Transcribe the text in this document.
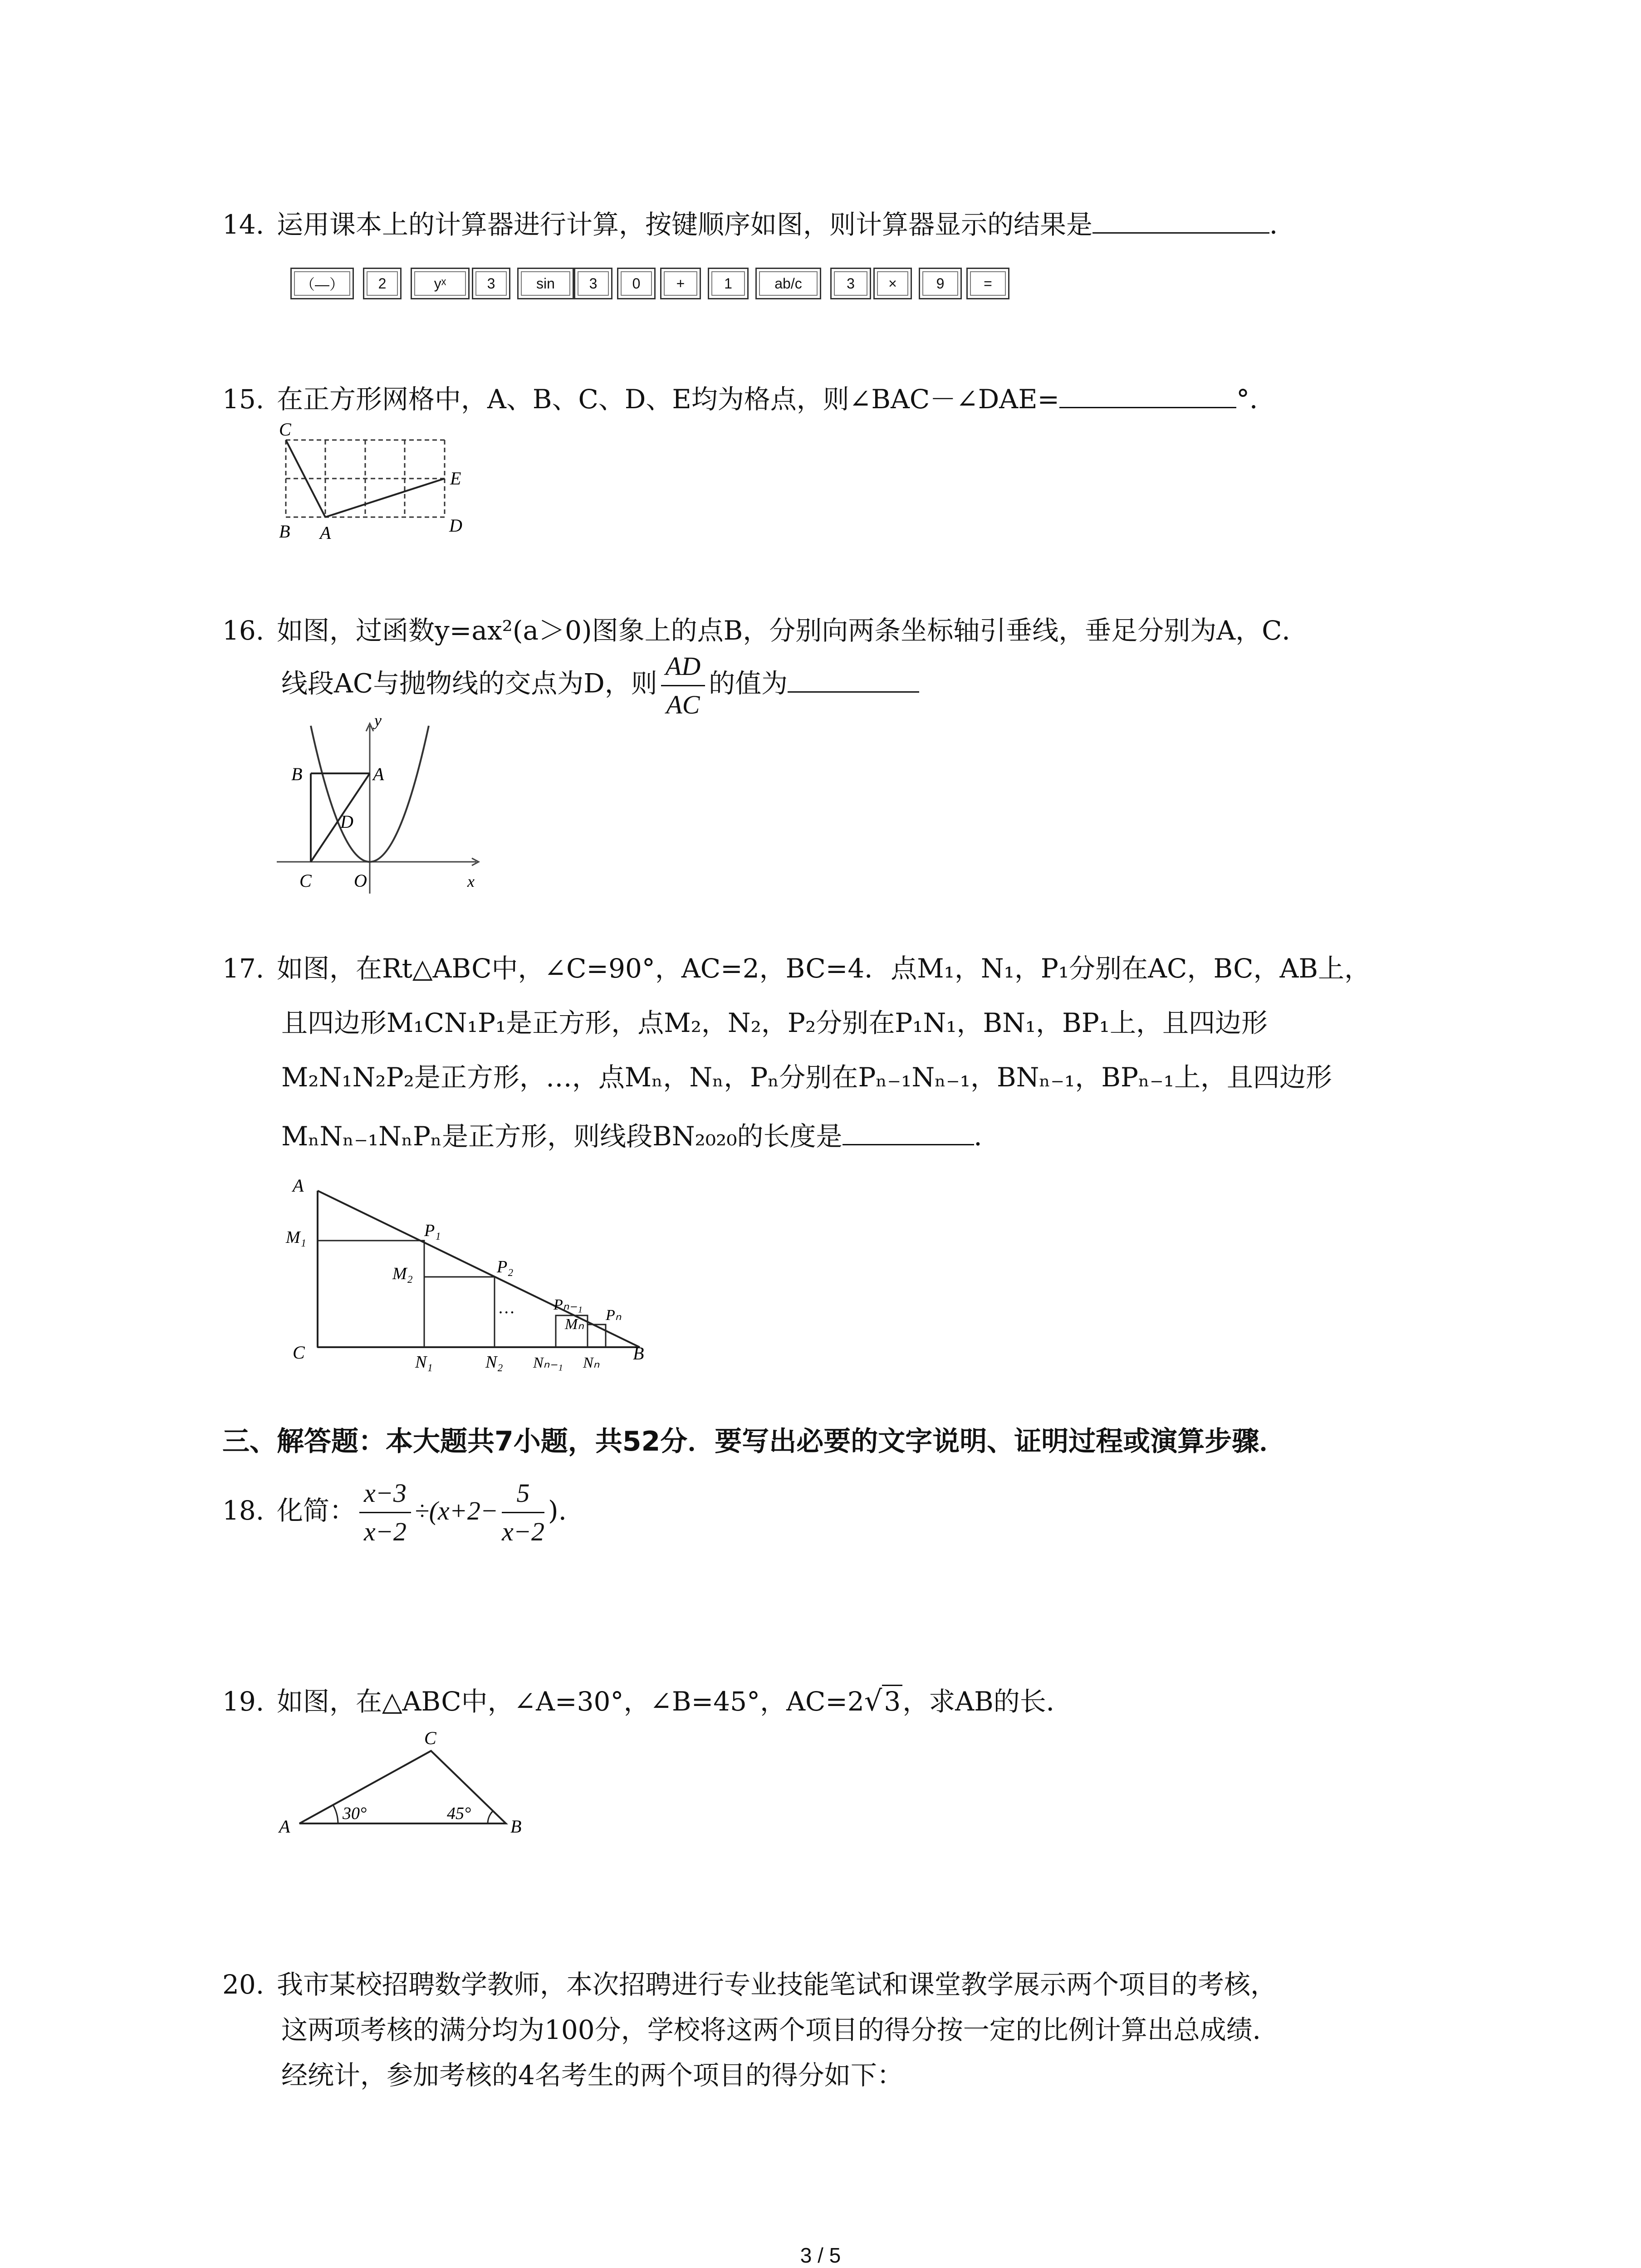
14. 运用课本上的计算器进行计算，按键顺序如图，则计算器显示的结果是	．
（—）	2	yˣ	3	sin	3	0	+	1	ab/c	3	×	9	=
15. 在正方形网格中，A、B、C、D、E均为格点，则∠BAC－∠DAE=	°．
C
B A	D
E
16. 如图，过函数y=ax²(a＞0)图象上的点B，分别向两条坐标轴引垂线，垂足分别为A，C．
线段AC与抛物线的交点为D，则 $\frac{AD}{AC}$ 的值为
y
B	A
D
C O	x
17. 如图，在Rt△ABC中，∠C=90°，AC=2，BC=4．点M₁，N₁，P₁分别在AC，BC，AB上，
且四边形M₁CN₁P₁是正方形，点M₂，N₂，P₂分别在P₁N₁，BN₁，BP₁上，且四边形
M₂N₁N₂P₂是正方形，…，点Mₙ，Nₙ，Pₙ分别在Pₙ₋₁Nₙ₋₁，BNₙ₋₁，BPₙ₋₁上，且四边形
MₙNₙ₋₁NₙPₙ是正方形，则线段BN₂₀₂₀的长度是	．
A
M₁	P₁
M₂	P₂
…	Pₙ₋₁
Mₙ
Pₙ
C	N₁	N₂ Nₙ₋₁ Nₙ B
三、解答题：本大题共7小题，共52分．要写出必要的文字说明、证明过程或演算步骤．
18. 化简： $\frac{x-3}{x-2} \div(x+2- \frac{5}{x-2}$ ).
19. 如图，在△ABC中，∠A=30°，∠B=45°，AC=2√3，求AB的长．
C
A	B
30°	45°
20. 我市某校招聘数学教师，本次招聘进行专业技能笔试和课堂教学展示两个项目的考核，
这两项考核的满分均为100分，学校将这两个项目的得分按一定的比例计算出总成绩．
经统计，参加考核的4名考生的两个项目的得分如下：
3 / 5
